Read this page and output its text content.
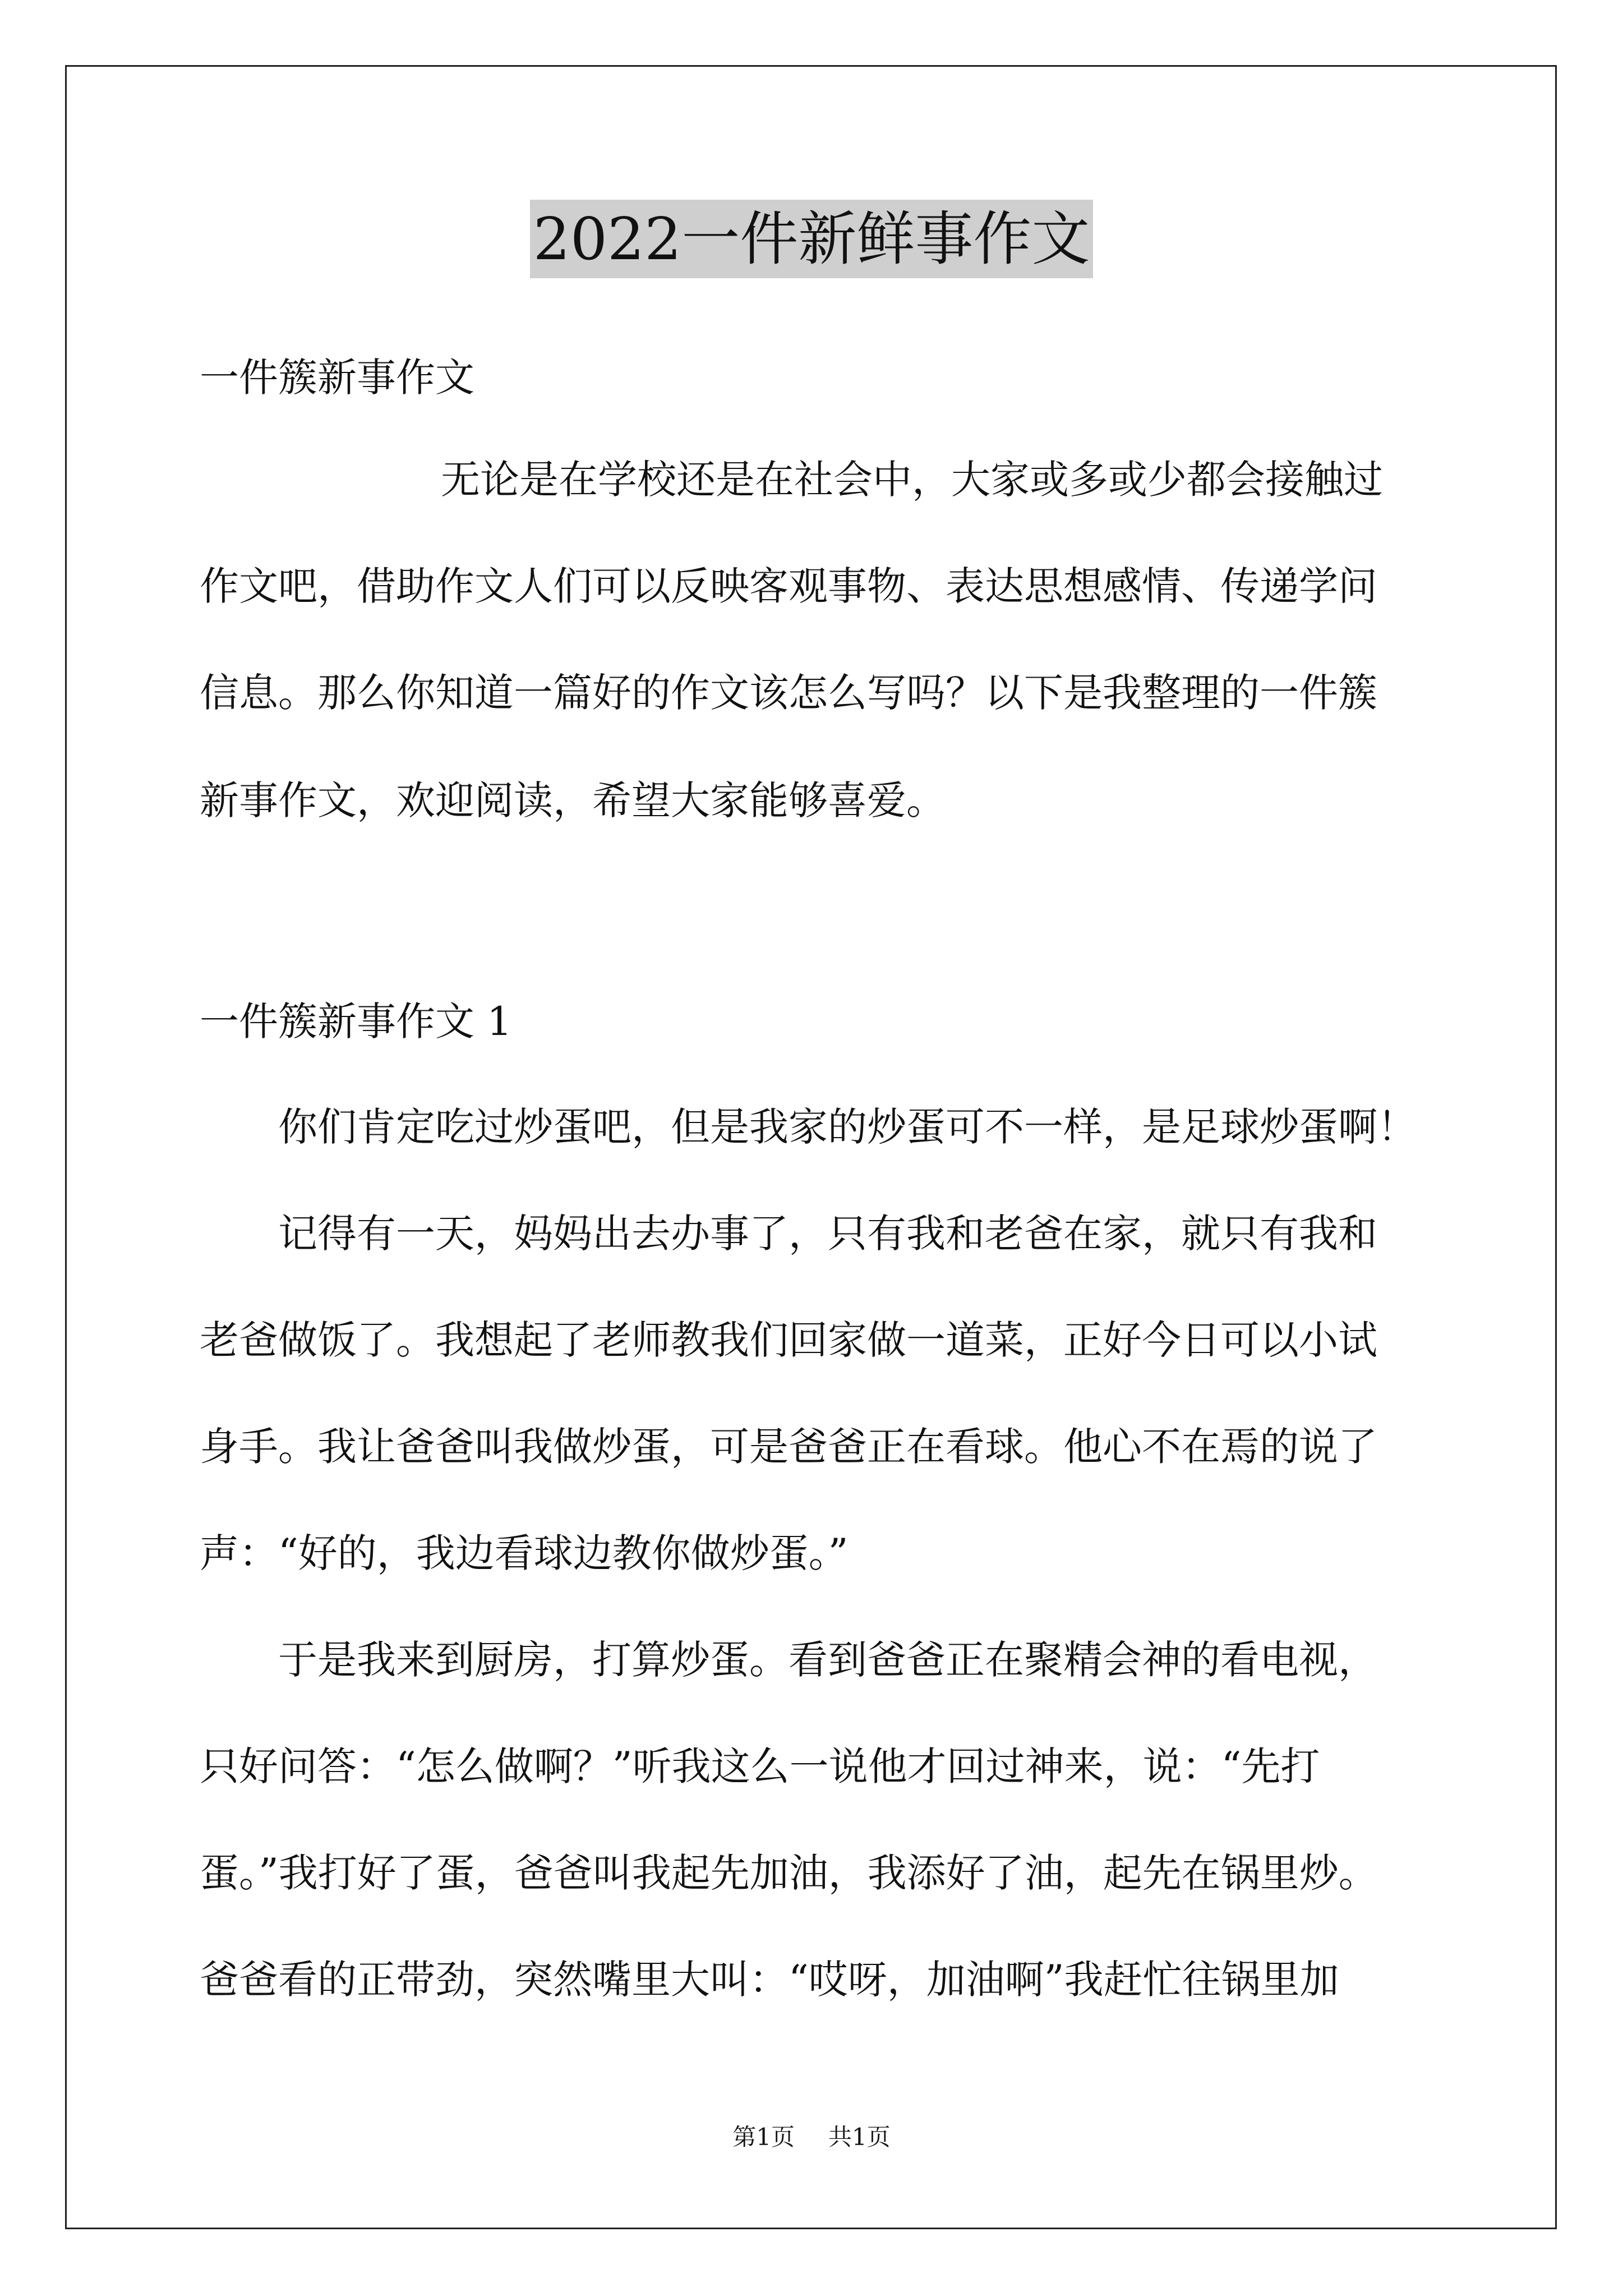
2022一件新鲜事作文
一件簇新事作文
无论是在学校还是在社会中，大家或多或少都会接触过
作文吧，借助作文人们可以反映客观事物、表达思想感情、传递学问
信息。那么你知道一篇好的作文该怎么写吗？以下是我整理的一件簇
新事作文，欢迎阅读，希望大家能够喜爱。
一件簇新事作文 1
你们肯定吃过炒蛋吧，但是我家的炒蛋可不一样，是足球炒蛋啊！
记得有一天，妈妈出去办事了，只有我和老爸在家，就只有我和
老爸做饭了。我想起了老师教我们回家做一道菜，正好今日可以小试
身手。我让爸爸叫我做炒蛋，可是爸爸正在看球。他心不在焉的说了
声：“好的，我边看球边教你做炒蛋。”
于是我来到厨房，打算炒蛋。看到爸爸正在聚精会神的看电视，
只好问答：“怎么做啊？”听我这么一说他才回过神来，说：“先打
蛋。”我打好了蛋，爸爸叫我起先加油，我添好了油，起先在锅里炒。
爸爸看的正带劲，突然嘴里大叫：“哎呀，加油啊”我赶忙往锅里加
第1页 共1页
